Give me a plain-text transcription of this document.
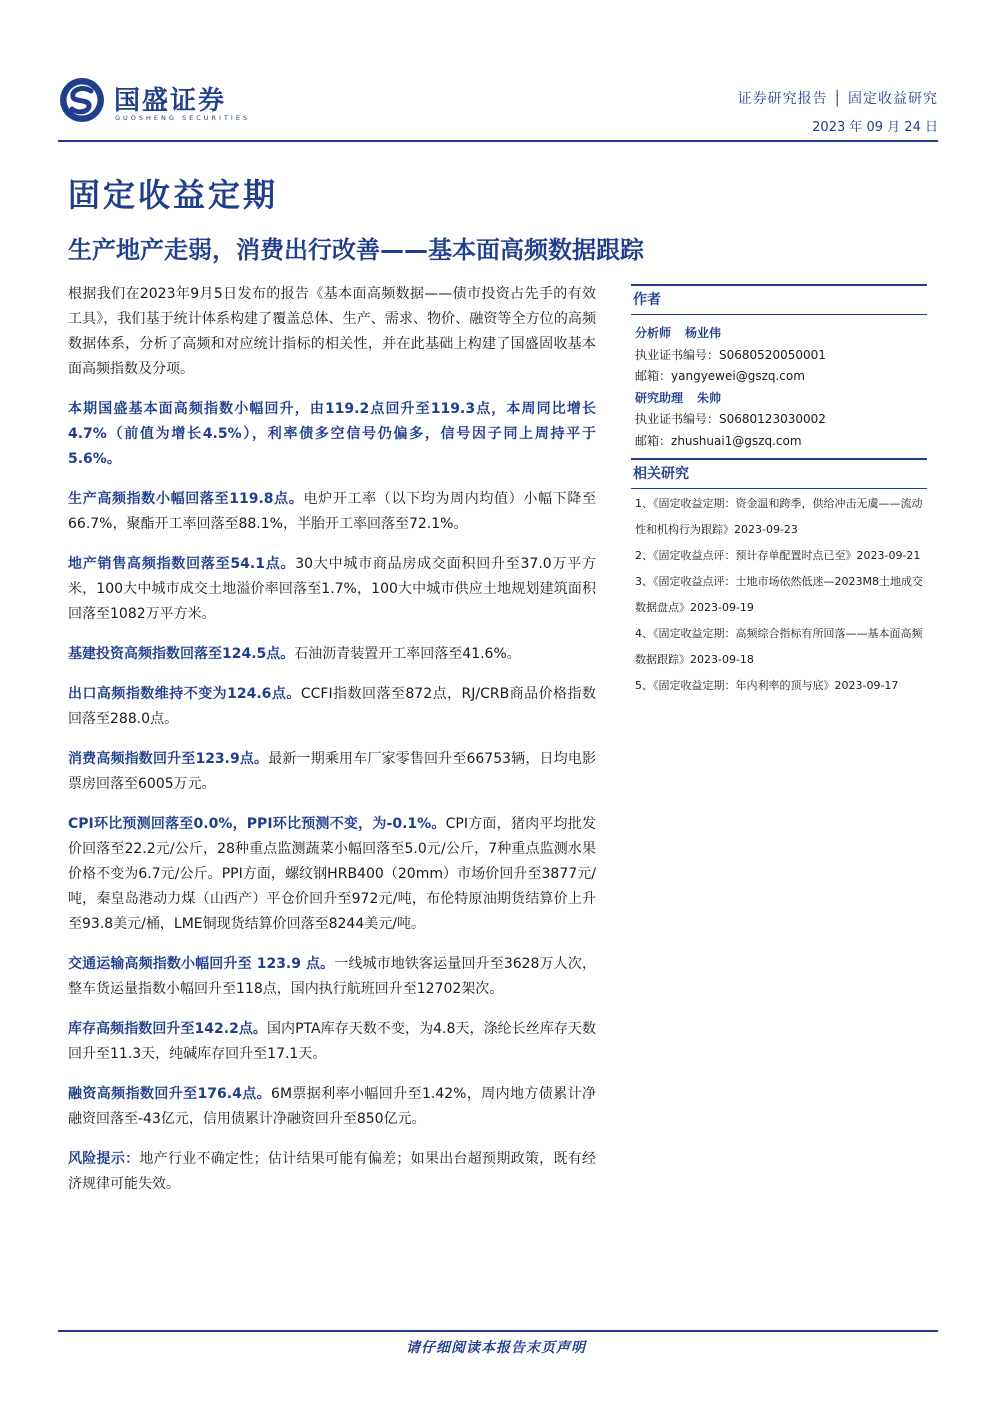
国盛证券
GUOSHENG SECURITIES
证券研究报告 │ 固定收益研究
2023 年 09 月 24 日
固定收益定期
生产地产走弱，消费出行改善——基本面高频数据跟踪

根据我们在2023年9月5日发布的报告《基本面高频数据——债市投资占先手的有效工具》，我们基于统计体系构建了覆盖总体、生产、需求、物价、融资等全方位的高频数据体系，分析了高频和对应统计指标的相关性，并在此基础上构建了国盛固收基本面高频指数及分项。

本期国盛基本面高频指数小幅回升，由119.2点回升至119.3点，本周同比增长4.7%（前值为增长4.5%），利率债多空信号仍偏多，信号因子同上周持平于5.6%。

生产高频指数小幅回落至119.8点。电炉开工率（以下均为周内均值）小幅下降至66.7%，聚酯开工率回落至88.1%，半胎开工率回落至72.1%。

地产销售高频指数回落至54.1点。30大中城市商品房成交面积回升至37.0万平方米，100大中城市成交土地溢价率回落至1.7%，100大中城市供应土地规划建筑面积回落至1082万平方米。

基建投资高频指数回落至124.5点。石油沥青装置开工率回落至41.6%。

出口高频指数维持不变为124.6点。CCFI指数回落至872点，RJ/CRB商品价格指数回落至288.0点。

消费高频指数回升至123.9点。最新一期乘用车厂家零售回升至66753辆，日均电影票房回落至6005万元。

CPI环比预测回落至0.0%，PPI环比预测不变，为-0.1%。CPI方面，猪肉平均批发价回落至22.2元/公斤，28种重点监测蔬菜小幅回落至5.0元/公斤，7种重点监测水果价格不变为6.7元/公斤。PPI方面，螺纹钢HRB400（20mm）市场价回升至3877元/吨，秦皇岛港动力煤（山西产）平仓价回升至972元/吨，布伦特原油期货结算价上升至93.8美元/桶，LME铜现货结算价回落至8244美元/吨。

交通运输高频指数小幅回升至 123.9 点。一线城市地铁客运量回升至3628万人次，整车货运量指数小幅回升至118点，国内执行航班回升至12702架次。

库存高频指数回升至142.2点。国内PTA库存天数不变，为4.8天，涤纶长丝库存天数回升至11.3天，纯碱库存回升至17.1天。

融资高频指数回升至176.4点。6M票据利率小幅回升至1.42%，周内地方债累计净融资回落至-43亿元，信用债累计净融资回升至850亿元。

风险提示：地产行业不确定性；估计结果可能有偏差；如果出台超预期政策，既有经济规律可能失效。

作者
分析师 杨业伟
执业证书编号：S0680520050001
邮箱：yangyewei@gszq.com
研究助理 朱帅
执业证书编号：S0680123030002
邮箱：zhushuai1@gszq.com
相关研究
1、《固定收益定期：资金温和跨季，供给冲击无虞——流动性和机构行为跟踪》2023-09-23
2、《固定收益点评：预计存单配置时点已至》2023-09-21
3、《固定收益点评：土地市场依然低迷—2023M8土地成交数据盘点》2023-09-19
4、《固定收益定期：高频综合指标有所回落——基本面高频数据跟踪》2023-09-18
5、《固定收益定期：年内利率的顶与底》2023-09-17
请仔细阅读本报告末页声明
